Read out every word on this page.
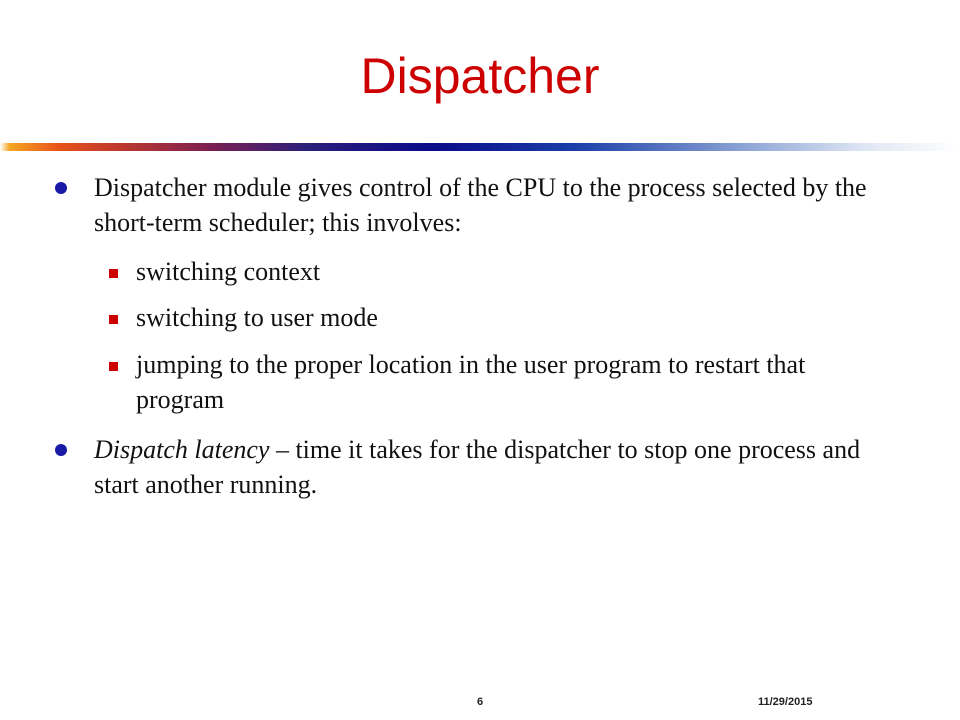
Dispatcher
Dispatcher module gives control of the CPU to the process selected by the short-term scheduler; this involves:
switching context
switching to user mode
jumping to the proper location in the user program to restart that program
Dispatch latency – time it takes for the dispatcher to stop one process and start another running.
6	11/29/2015
